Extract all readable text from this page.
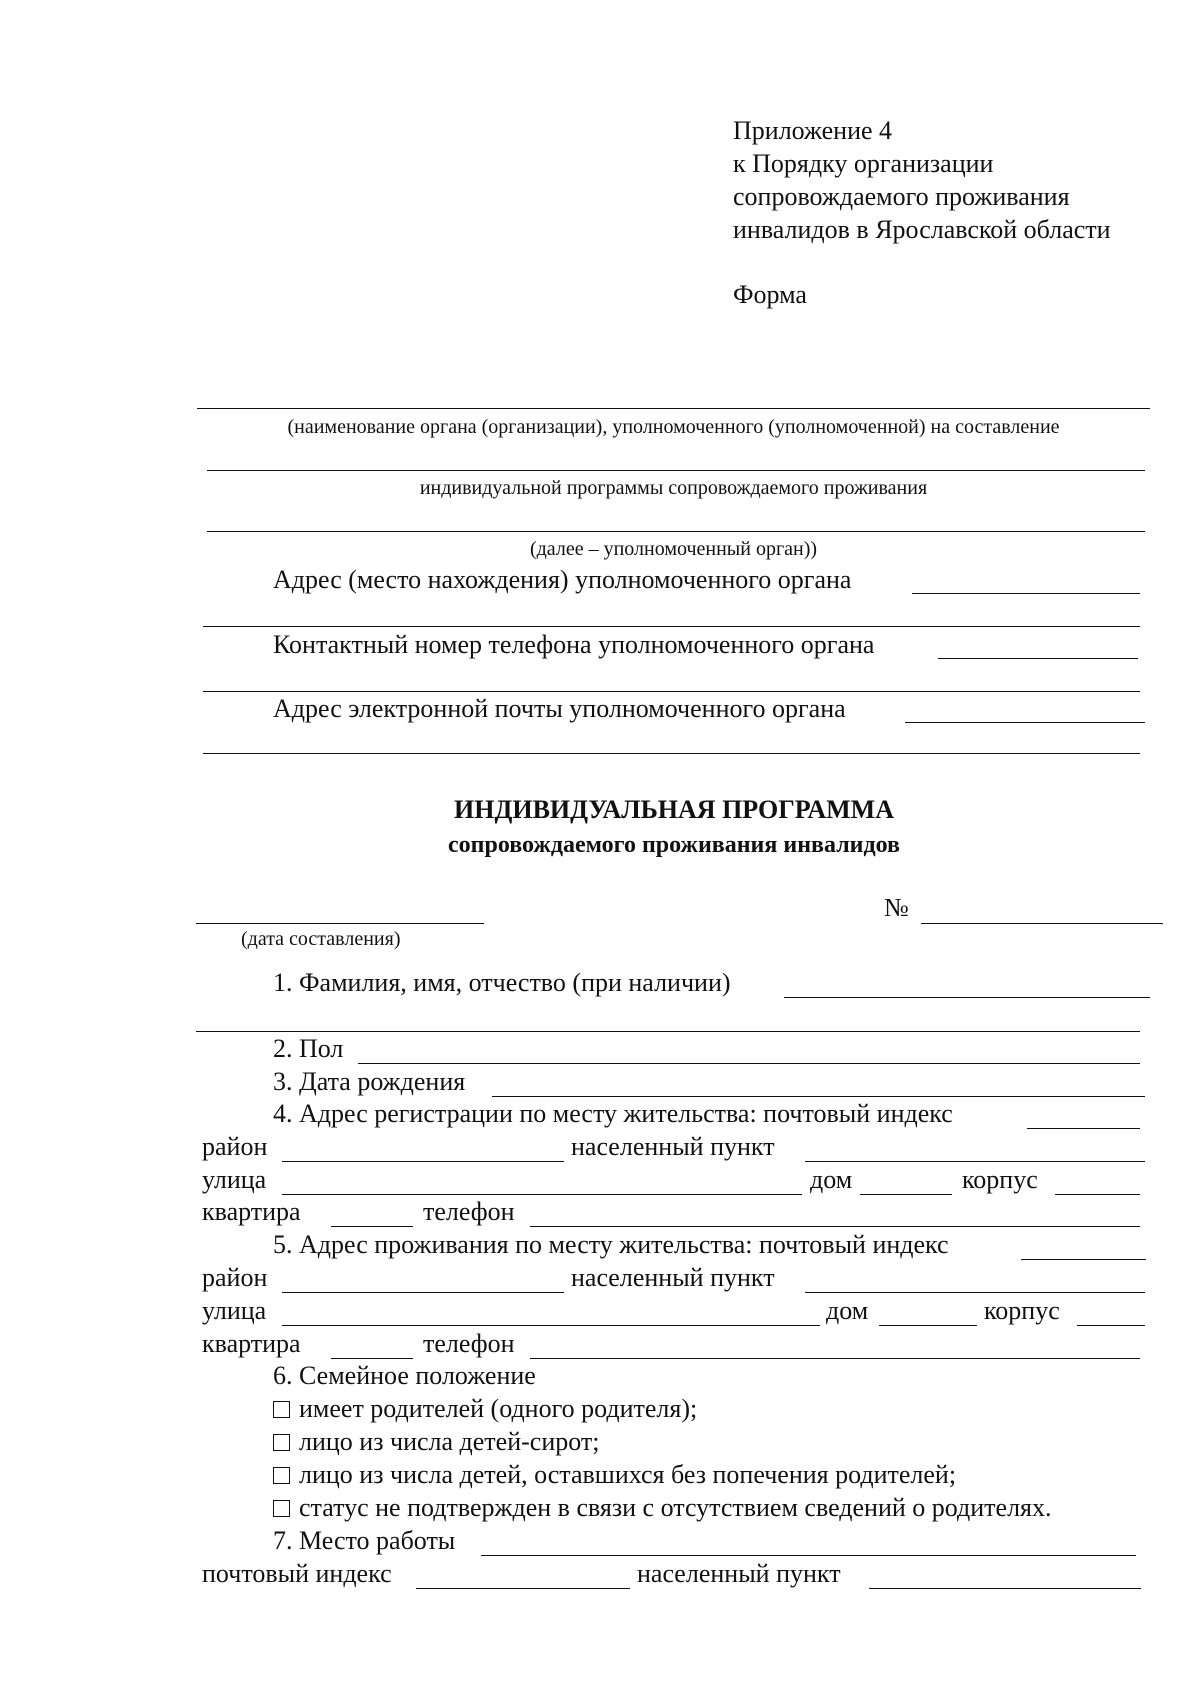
Приложение 4
к Порядку организации
сопровождаемого проживания
инвалидов в Ярославской области
Форма
(наименование органа (организации), уполномоченного (уполномоченной) на составление
индивидуальной программы сопровождаемого проживания
(далее – уполномоченный орган))
Адрес (место нахождения) уполномоченного органа
Контактный номер телефона уполномоченного органа
Адрес электронной почты уполномоченного органа
ИНДИВИДУАЛЬНАЯ ПРОГРАММА
сопровождаемого проживания инвалидов
(дата составления)
№
1. Фамилия, имя, отчество (при наличии)
2. Пол
3. Дата рождения
4. Адрес регистрации по месту жительства: почтовый индекс
район	населенный пункт
улица	дом	корпус
квартира	телефон
5. Адрес проживания по месту жительства: почтовый индекс
район	населенный пункт
улица	дом	корпус
квартира	телефон
6. Семейное положение
имеет родителей (одного родителя);
лицо из числа детей-сирот;
лицо из числа детей, оставшихся без попечения родителей;
статус не подтвержден в связи с отсутствием сведений о родителях.
7. Место работы
почтовый индекс	населенный пункт
